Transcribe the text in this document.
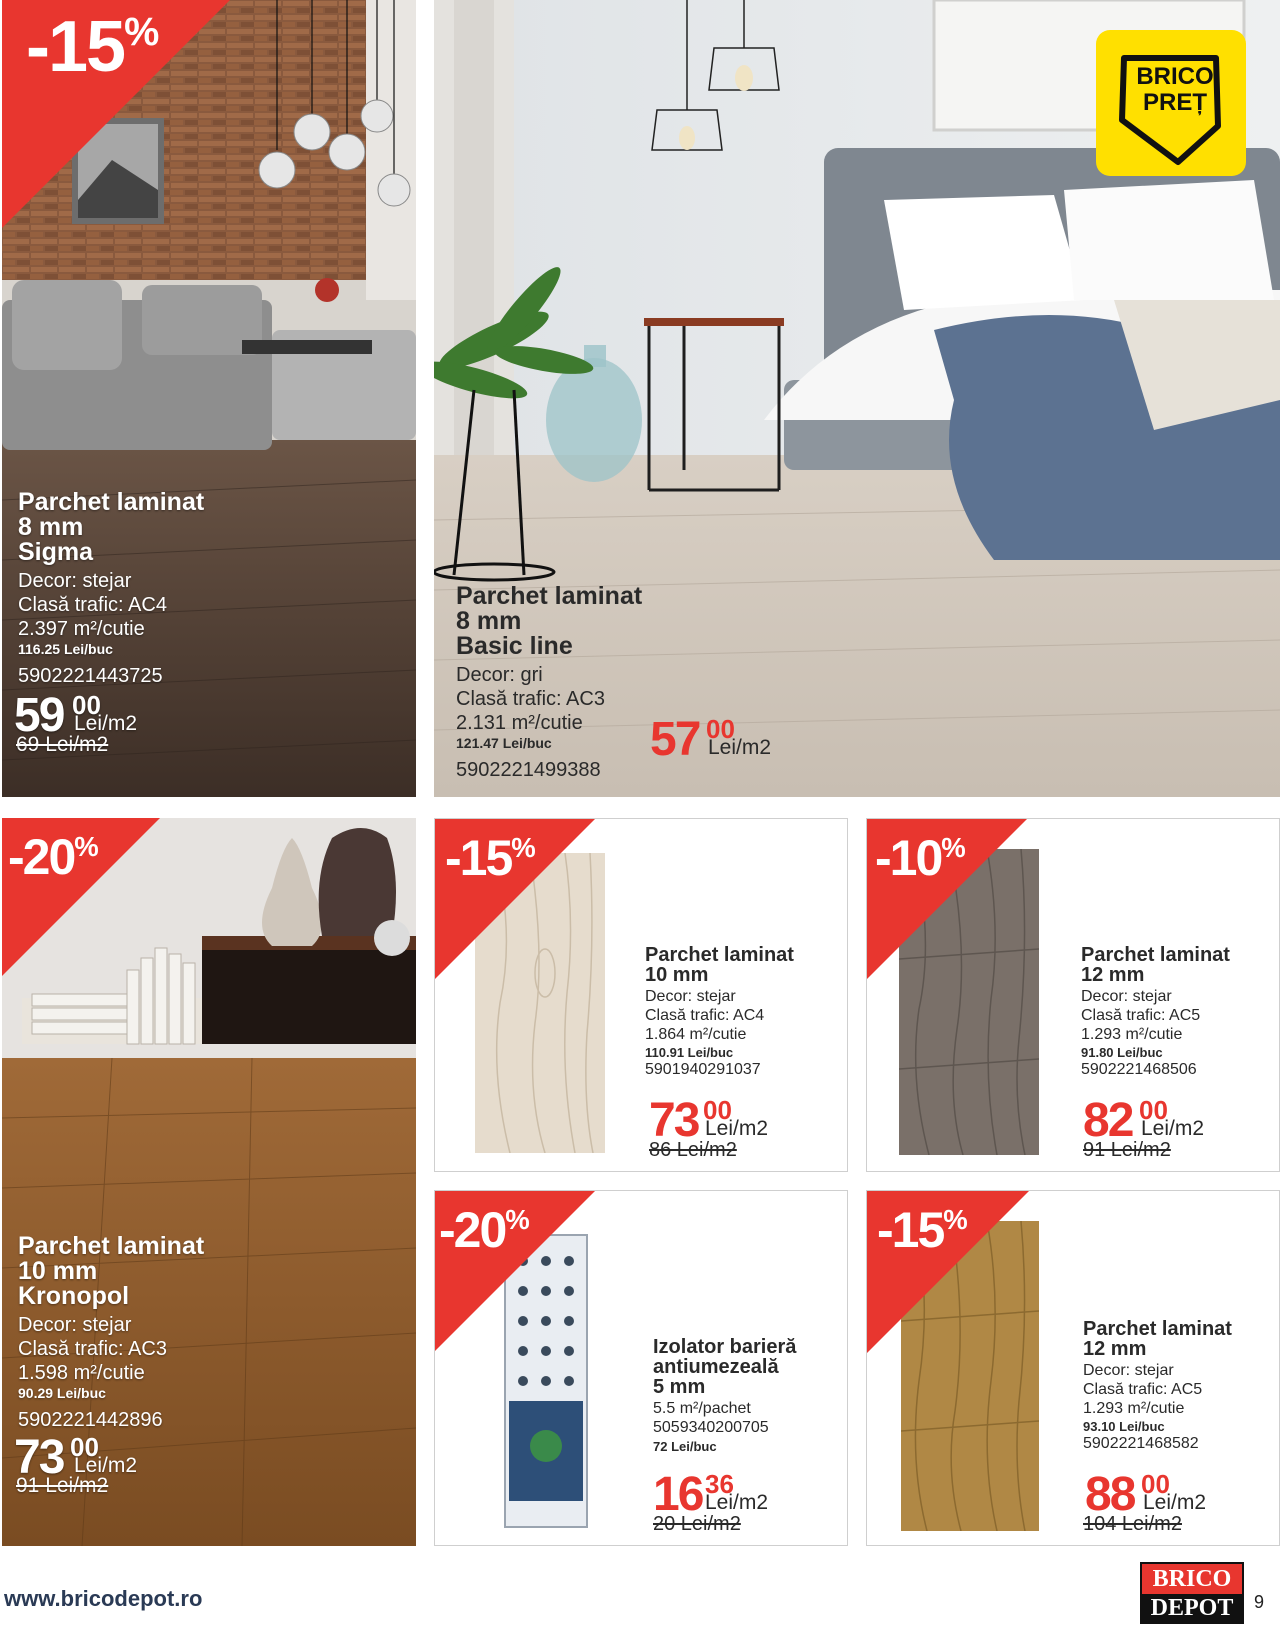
-15%
Parchet laminat
8 mm
Sigma
Decor: stejar
Clasă trafic: AC4
2.397 m²/cutie
116.25 Lei/buc
5902221443725
59 00
Lei/m2
69 Lei/m2
BRICO
PREȚ
Parchet laminat
8 mm
Basic line
Decor: gri
Clasă trafic: AC3
2.131 m²/cutie
121.47 Lei/buc
5902221499388
57 00
Lei/m2
-20%
Parchet laminat
10 mm
Kronopol
Decor: stejar
Clasă trafic: AC3
1.598 m²/cutie
90.29 Lei/buc
5902221442896
73 00
Lei/m2
91 Lei/m2
-15%
Parchet laminat
10 mm
Decor: stejar
Clasă trafic: AC4
1.864 m²/cutie
110.91 Lei/buc
5901940291037
73 00
Lei/m2
86 Lei/m2
-10%
Parchet laminat
12 mm
Decor: stejar
Clasă trafic: AC5
1.293 m²/cutie
91.80 Lei/buc
5902221468506
82 00
Lei/m2
91 Lei/m2
-20%
Izolator barieră
antiumezeală
5 mm
5.5 m²/pachet
5059340200705
72 Lei/buc
16 36
Lei/m2
20 Lei/m2
-15%
Parchet laminat
12 mm
Decor: stejar
Clasă trafic: AC5
1.293 m²/cutie
93.10 Lei/buc
5902221468582
88 00
Lei/m2
104 Lei/m2
www.bricodepot.ro
BRICO
DEPOT	9
